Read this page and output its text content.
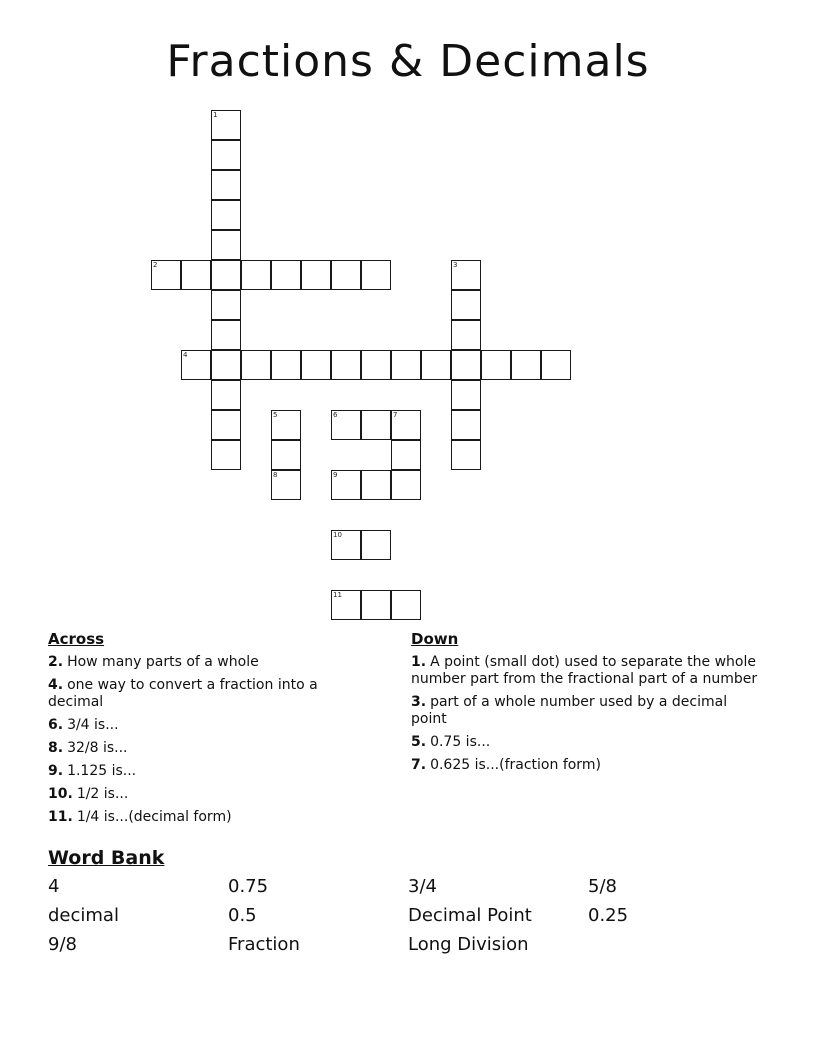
Fractions & Decimals
1
2	3
4
5
8
6	7
9
10
11
Across
2. How many parts of a whole
4. one way to convert a fraction into a decimal
6. 3/4 is...
8. 32/8 is...
9. 1.125 is...
10. 1/2 is...
11. 1/4 is...(decimal form)
Down
1. A point (small dot) used to separate the whole number part from the fractional part of a number
3. part of a whole number used by a decimal point
5. 0.75 is...
7. 0.625 is...(fraction form)
Word Bank
4	0.75	3/4	5/8
decimal	0.5	Decimal Point	0.25
9/8	Fraction	Long Division
